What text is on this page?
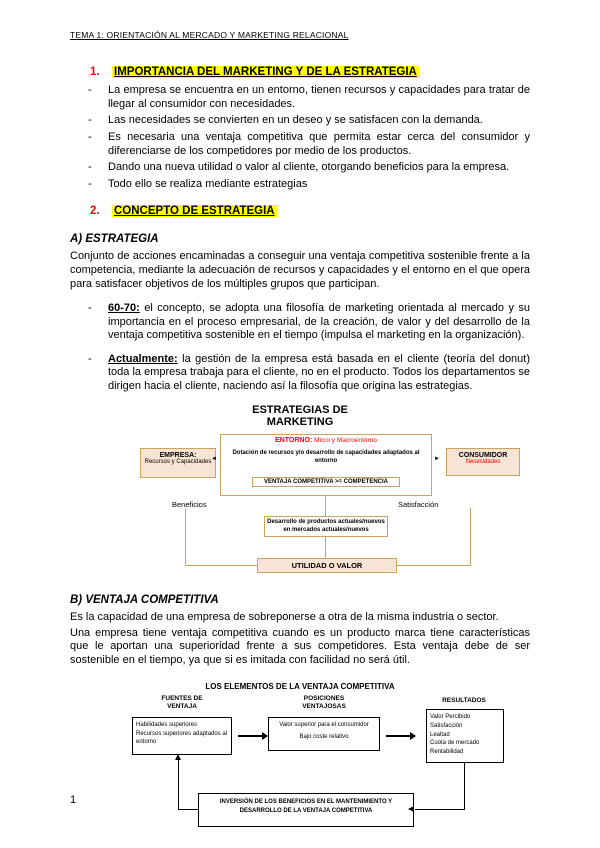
TEMA 1: ORIENTACIÓN AL MERCADO Y MARKETING RELACIONAL
1.	IMPORTANCIA DEL MARKETING Y DE LA ESTRATEGIA
-	La empresa se encuentra en un entorno, tienen recursos y capacidades para tratar de llegar al consumidor con necesidades.
-	Las necesidades se convierten en un deseo y se satisfacen con la demanda.
-	Es necesaria una ventaja competitiva que permita estar cerca del consumidor y diferenciarse de los competidores por medio de los productos.
-	Dando una nueva utilidad o valor al cliente, otorgando beneficios para la empresa.
-	Todo ello se realiza mediante estrategias
2.	CONCEPTO DE ESTRATEGIA
A) ESTRATEGIA

Conjunto de acciones encaminadas a conseguir una ventaja competitiva sostenible frente a la competencia, mediante la adecuación de recursos y capacidades y el entorno en el que opera para satisfacer objetivos de los múltiples grupos que participan.

-	60-70: el concepto, se adopta una filosofía de marketing orientada al mercado y su importancia en el proceso empresarial, de la creación, de valor y del desarrollo de la ventaja competitiva sostenible en el tiempo (impulsa el marketing en la organización).
-	Actualmente: la gestión de la empresa está basada en el cliente (teoría del donut) toda la empresa trabaja para el cliente, no en el producto. Todos los departamentos se dirigen hacia el cliente, naciendo así la filosofía que origina las estrategias.
ESTRATEGIAS DE MARKETING
ENTORNO: Micro y Macroentorno
Dotación de recursos y/o desarrollo de capacidades adaptados al entorno
VENTAJA COMPETITIVA >= COMPETENCIA
EMPRESA:
Recursos y Capacidades
CONSUMIDOR
Necesidades
◄	►
Beneficios	Satisfacción
Desarrollo de productos actuales/nuevos en mercados actuales/nuevos
UTILIDAD O VALOR
B) VENTAJA COMPETITIVA

Es la capacidad de una empresa de sobreponerse a otra de la misma industria o sector.

Una empresa tiene ventaja competitiva cuando es un producto marca tiene características que le aportan una superioridad frente a sus competidores. Esta ventaja debe de ser sostenible en el tiempo, ya que si es imitada con facilidad no será útil.

LOS ELEMENTOS DE LA VENTAJA COMPETITIVA
FUENTES DE VENTAJA
Habilidades superiores
Recursos superiores adaptados al entorno
POSICIONES VENTAJOSAS
Valor superior para el consumidor
Bajo coste relativo
RESULTADOS
Valor Percibido
Satisfacción
Lealtad
Cuota de mercado
Rentabilidad
INVERSIÓN DE LOS BENEFICIOS EN EL MANTENIMIENTO Y DESARROLLO DE LA VENTAJA COMPETITIVA
1
